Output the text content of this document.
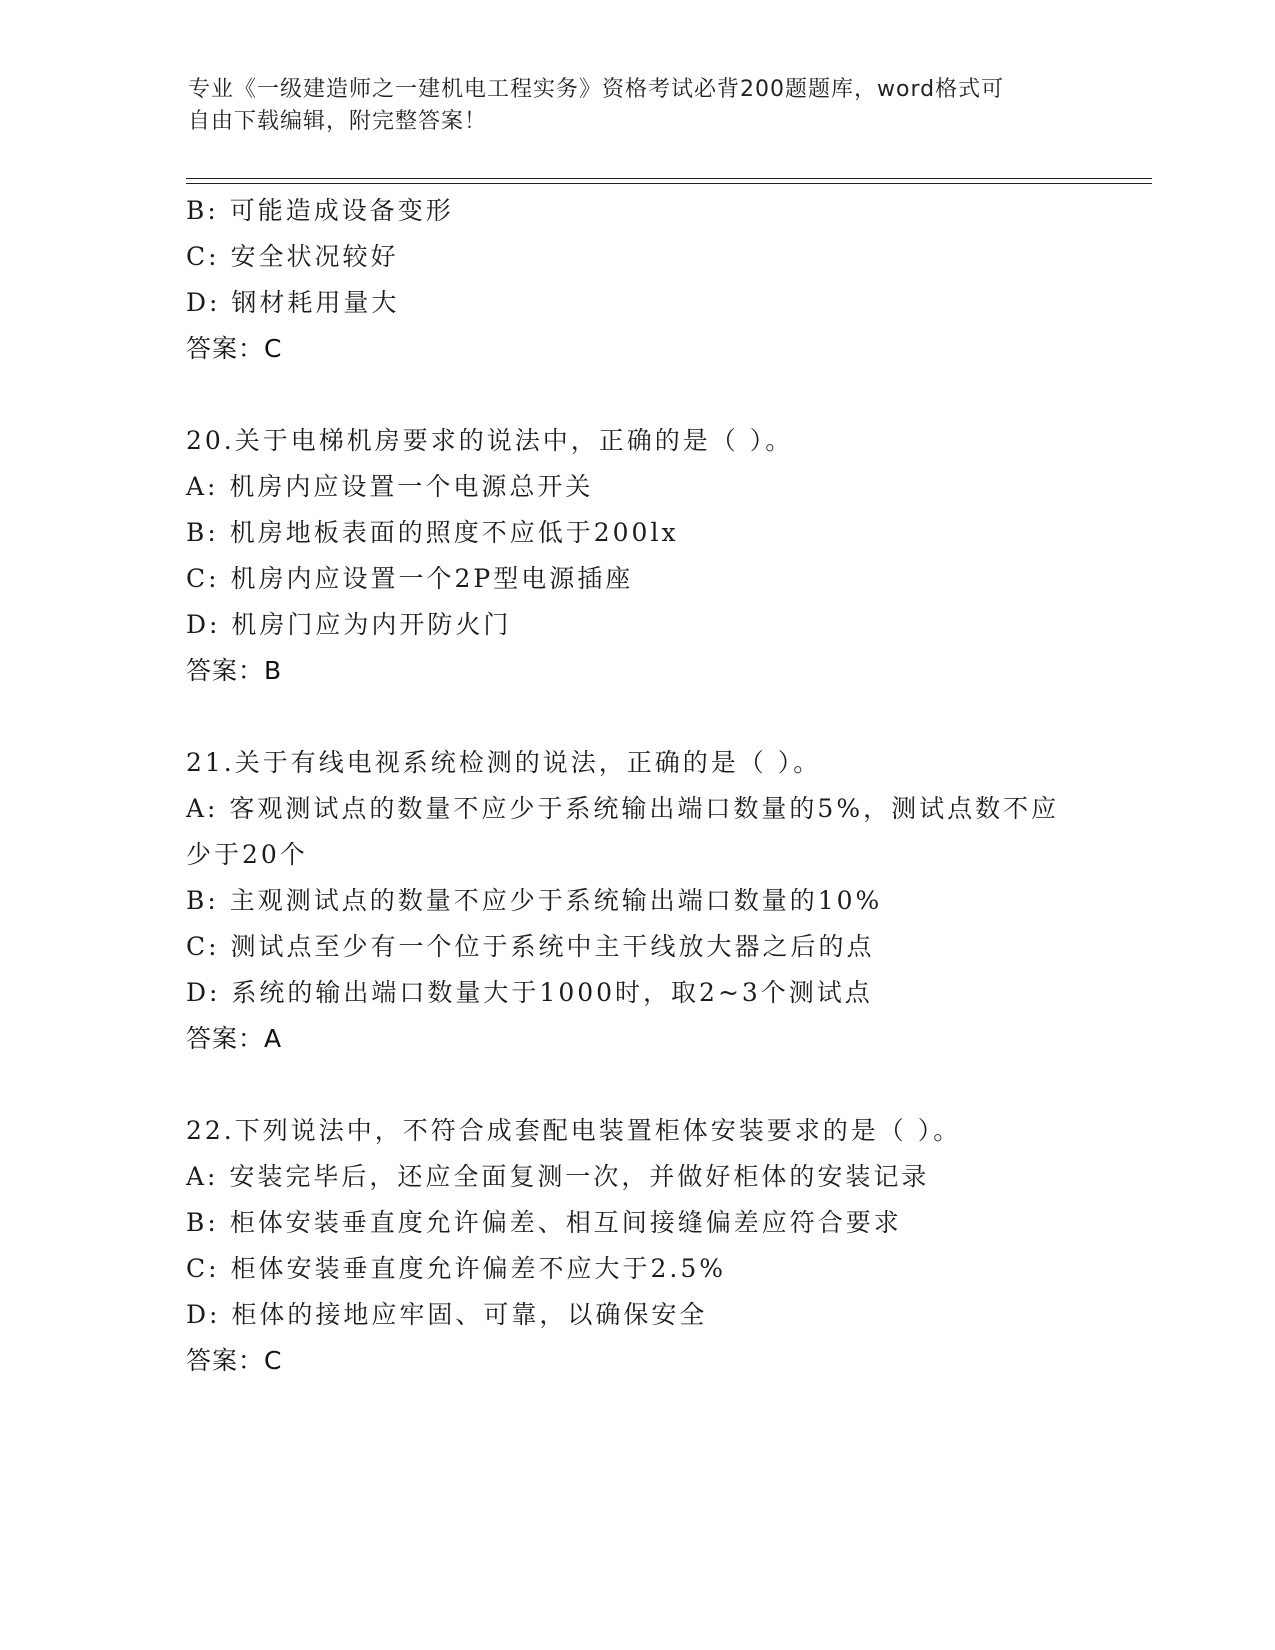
专业《一级建造师之一建机电工程实务》资格考试必背200题题库，word格式可
自由下载编辑，附完整答案！
B: 可能造成设备变形
C: 安全状况较好
D: 钢材耗用量大
答案：C
20.关于电梯机房要求的说法中，正确的是（ ）。
A: 机房内应设置一个电源总开关
B: 机房地板表面的照度不应低于200lx
C: 机房内应设置一个2P型电源插座
D: 机房门应为内开防火门
答案：B
21.关于有线电视系统检测的说法，正确的是（ ）。
A: 客观测试点的数量不应少于系统输出端口数量的5%，测试点数不应
少于20个
B: 主观测试点的数量不应少于系统输出端口数量的10%
C: 测试点至少有一个位于系统中主干线放大器之后的点
D: 系统的输出端口数量大于1000时，取2~3个测试点
答案：A
22.下列说法中，不符合成套配电装置柜体安装要求的是（ ）。
A: 安装完毕后，还应全面复测一次，并做好柜体的安装记录
B: 柜体安装垂直度允许偏差、相互间接缝偏差应符合要求
C: 柜体安装垂直度允许偏差不应大于2.5%
D: 柜体的接地应牢固、可靠，以确保安全
答案：C
